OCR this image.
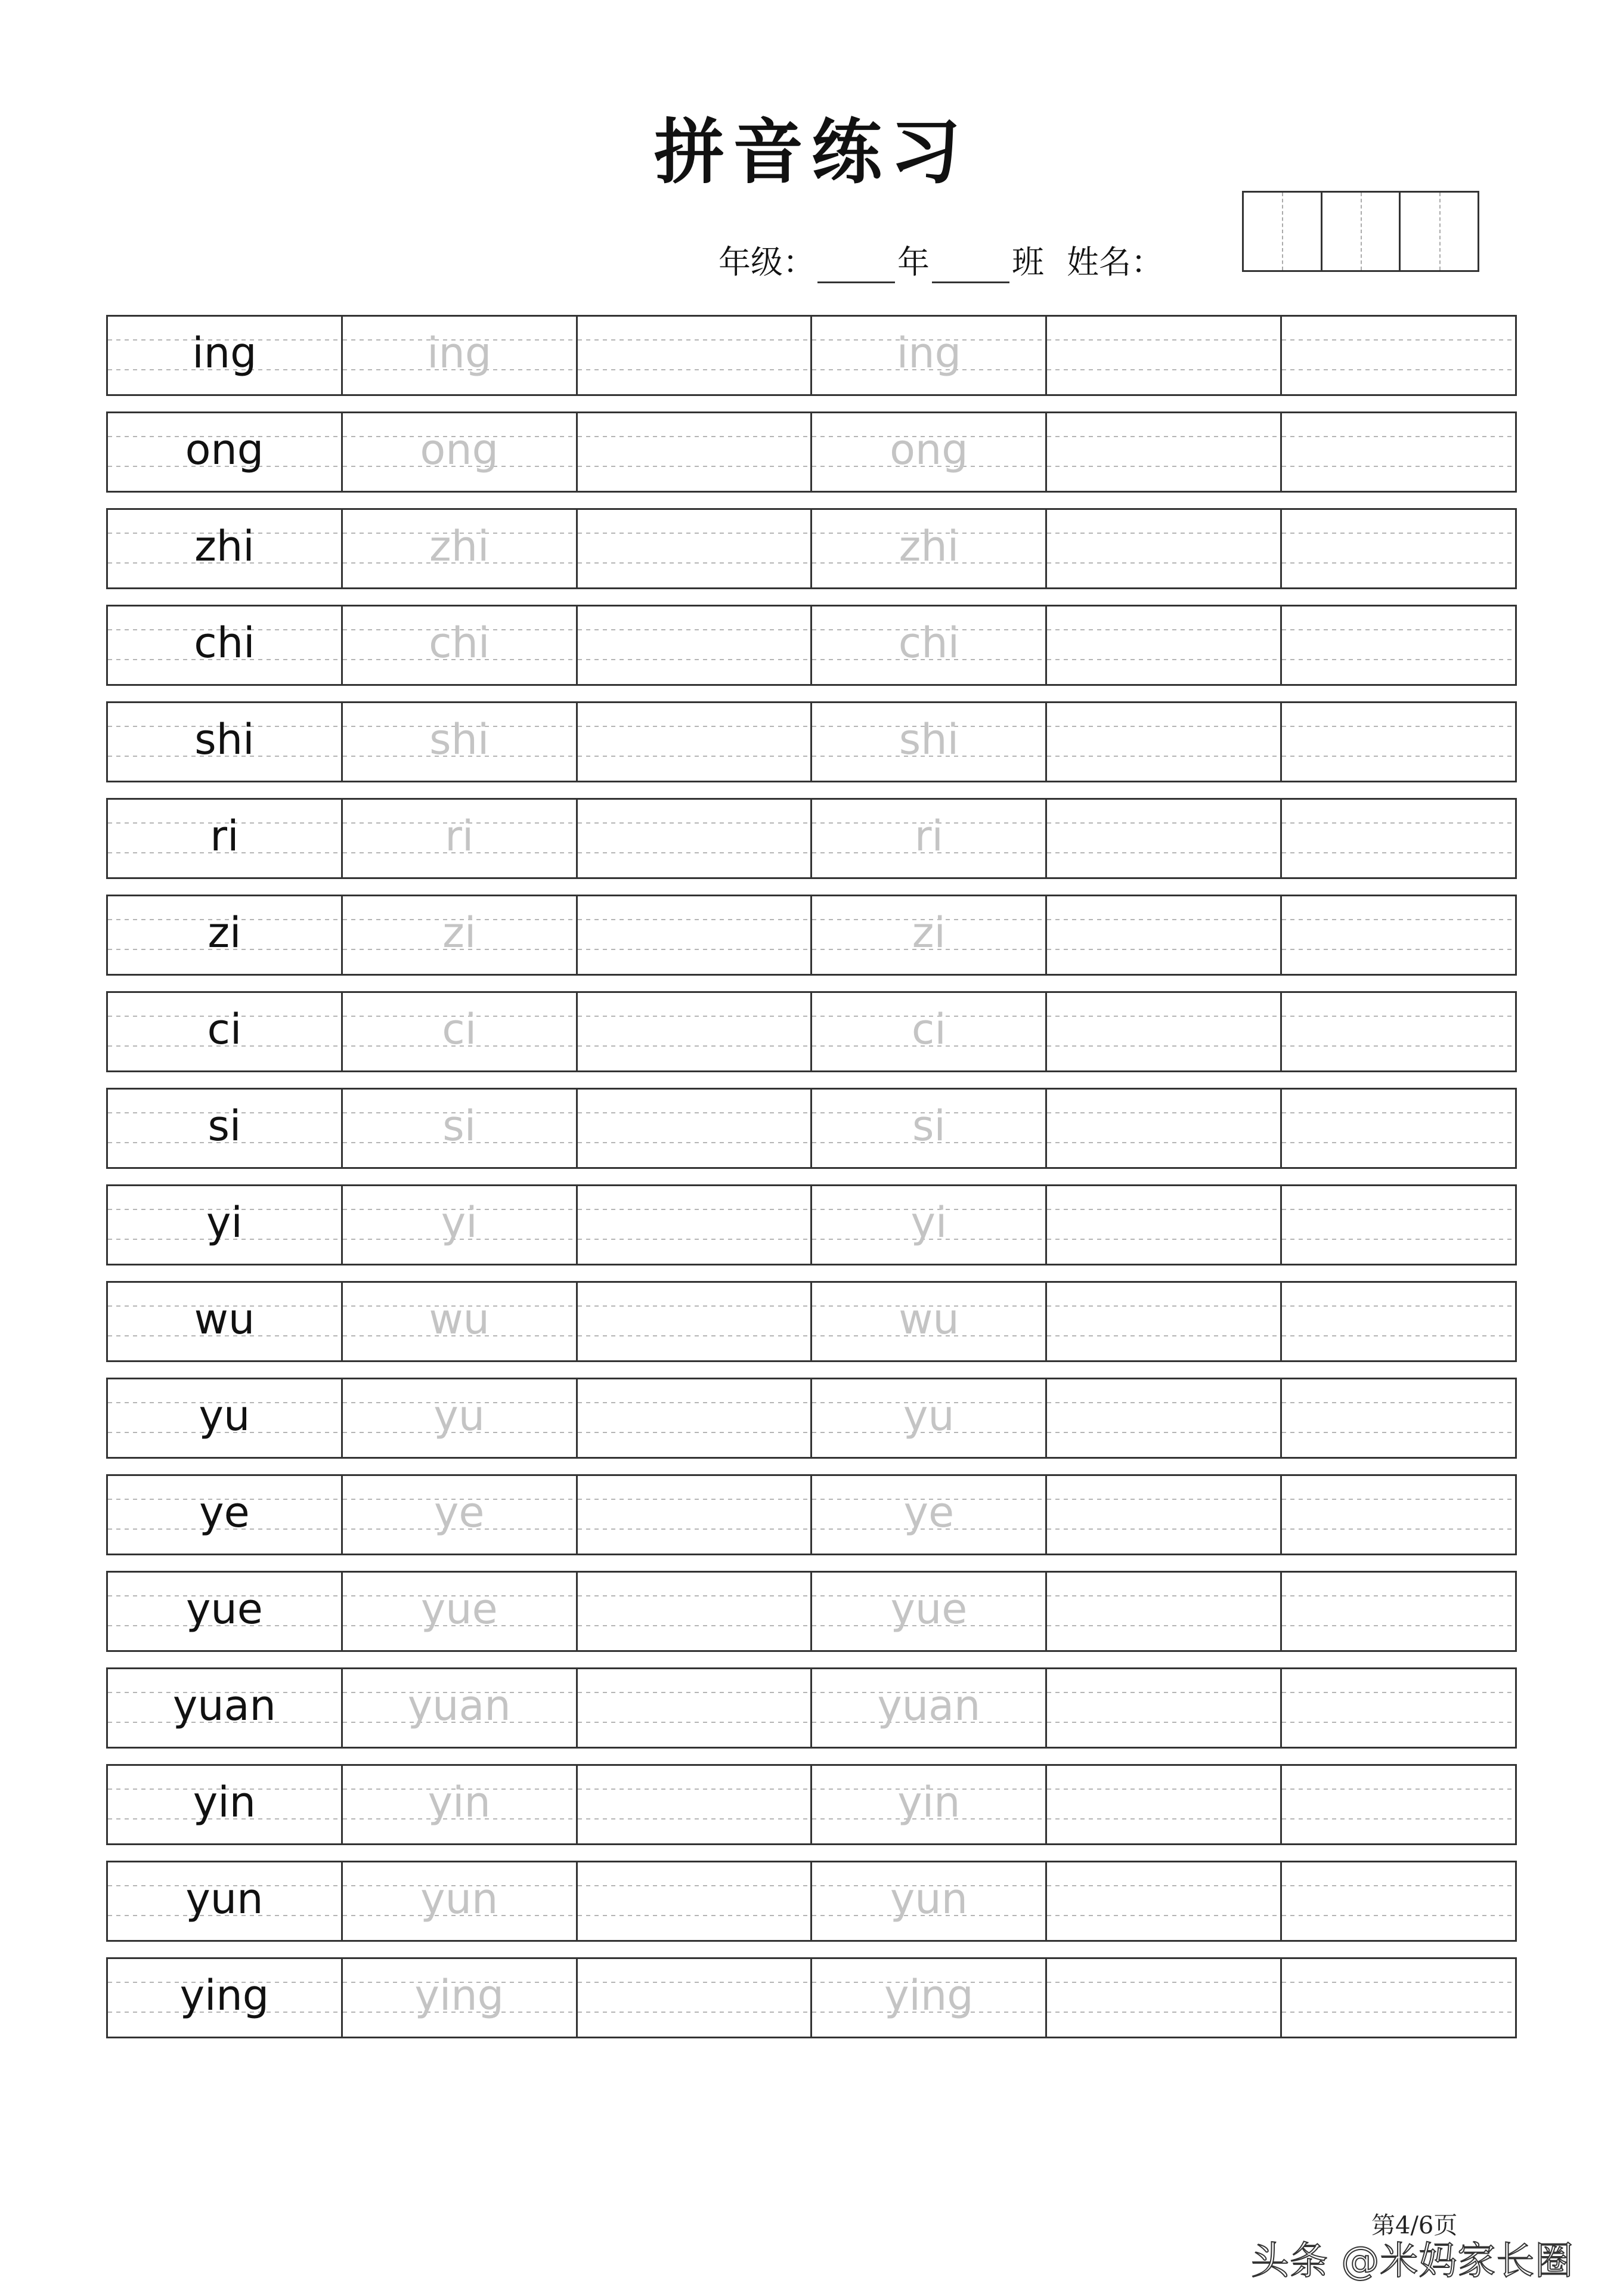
拼音练习
年级：	年	班 姓名：
ing	ing	ing
ong	ong	ong
zhi	zhi	zhi
chi	chi	chi
shi	shi	shi
ri	ri	ri
zi	zi	zi
ci	ci	ci
si	si	si
yi	yi	yi
wu	wu	wu
yu	yu	yu
ye	ye	ye
yue	yue	yue
yuan	yuan	yuan
yin	yin	yin
yun	yun	yun
ying	ying	ying
第4/6页
头条 @米妈家长圈
